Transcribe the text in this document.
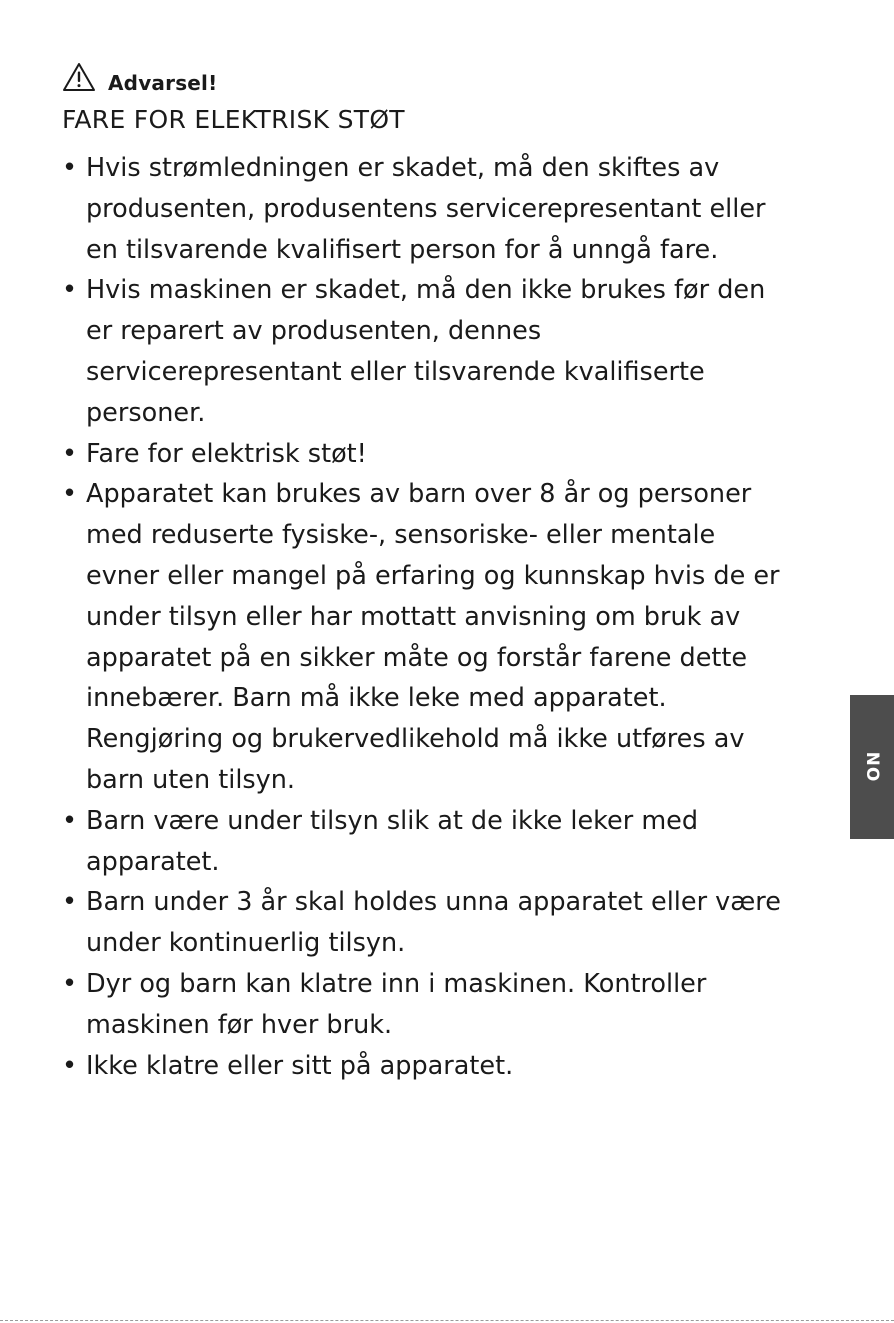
Advarsel!
FARE FOR ELEKTRISK STØT
• Hvis strømledningen er skadet, må den skiftes av
produsenten, produsentens servicerepresentant eller
en tilsvarende kvalifisert person for å unngå fare.
• Hvis maskinen er skadet, må den ikke brukes før den
er reparert av produsenten, dennes
servicerepresentant eller tilsvarende kvalifiserte
personer.
• Fare for elektrisk støt!
• Apparatet kan brukes av barn over 8 år og personer
med reduserte fysiske-, sensoriske- eller mentale
evner eller mangel på erfaring og kunnskap hvis de er
under tilsyn eller har mottatt anvisning om bruk av
apparatet på en sikker måte og forstår farene dette
innebærer. Barn må ikke leke med apparatet.
Rengjøring og brukervedlikehold må ikke utføres av
barn uten tilsyn.
• Barn være under tilsyn slik at de ikke leker med
apparatet.
• Barn under 3 år skal holdes unna apparatet eller være
under kontinuerlig tilsyn.
• Dyr og barn kan klatre inn i maskinen. Kontroller
maskinen før hver bruk.
• Ikke klatre eller sitt på apparatet.
NO
